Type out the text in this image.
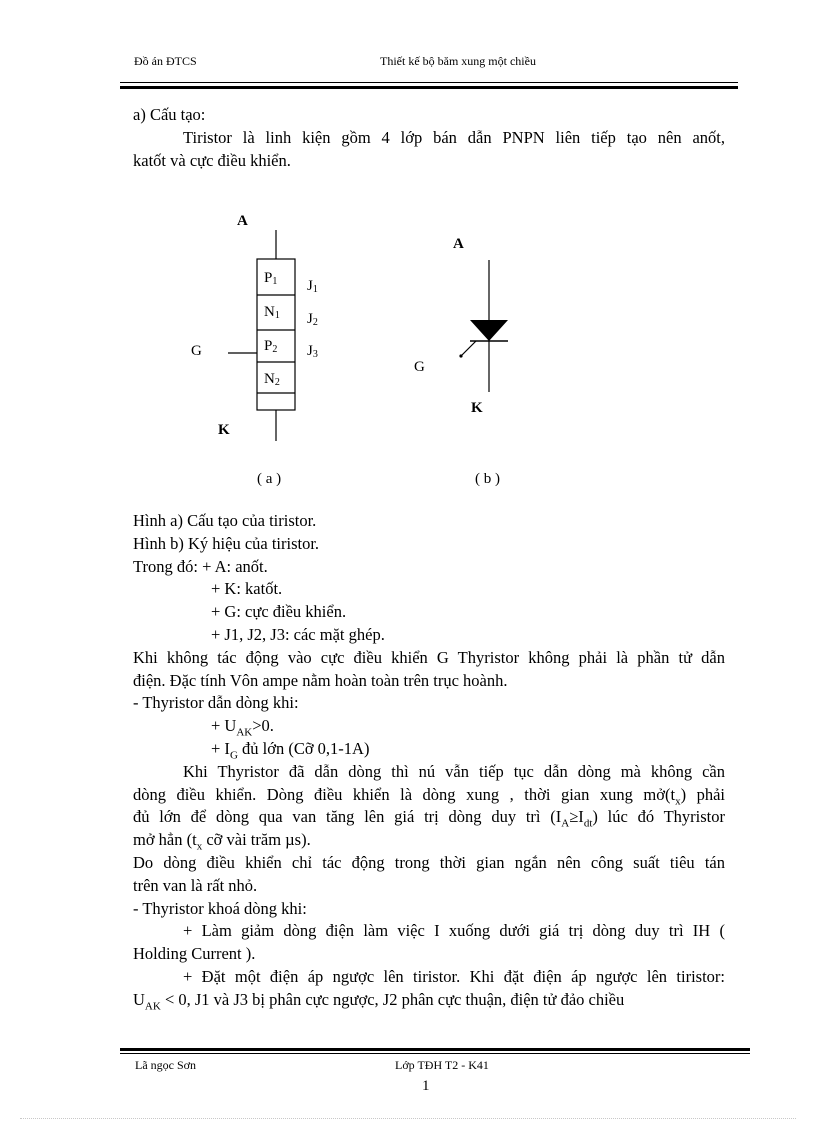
Đồ án ĐTCS	Thiết kế bộ băm xung một chiều
a) Cấu tạo:
Tiristor là linh kiện gồm 4 lớp bán dẫn PNPN liên tiếp tạo nên anốt,
katốt và cực điều khiển.
A
P1
N1
P2
N2
J1
J2
J3
G
K
( a )
A
G
K
( b )
Hình a) Cấu tạo của tiristor.
Hình b) Ký hiệu của tiristor.
Trong đó: + A: anốt.
+ K: katốt.
+ G: cực điều khiển.
+ J1, J2, J3: các mặt ghép.
Khi không tác động vào cực điều khiển G Thyristor không phải là phần tử dẫn
điện. Đặc tính Vôn ampe nằm hoàn toàn trên trục hoành.
- Thyristor dẫn dòng khi:
+ $U_{AK}>0$.
+ $I_G$ đủ lớn (Cỡ 0,1-1A)
Khi Thyristor đã dẫn dòng thì nú vẫn tiếp tục dẫn dòng mà không cần
dòng điều khiển. Dòng điều khiển là dòng xung , thời gian xung $mở(t_x)$ phải
đủ lớn để dòng qua van tăng lên giá trị dòng duy trì $(I_A\ge I_{dt})$ lúc đó Thyristor
mở hẳn ($t_x$ cỡ vài trăm µs).
Do dòng điều khiển chỉ tác động trong thời gian ngắn nên công suất tiêu tán
trên van là rất nhỏ.
- Thyristor khoá dòng khi:
+ Làm giảm dòng điện làm việc I xuống dưới giá trị dòng duy trì IH (
Holding Current ).
+ Đặt một điện áp ngược lên tiristor. Khi đặt điện áp ngược lên tiristor:
$U_{AK} < 0$, J1 và J3 bị phân cực ngược, J2 phân cực thuận, điện tử đảo chiều
Lã ngọc Sơn	Lớp TĐH T2 - K41
1
